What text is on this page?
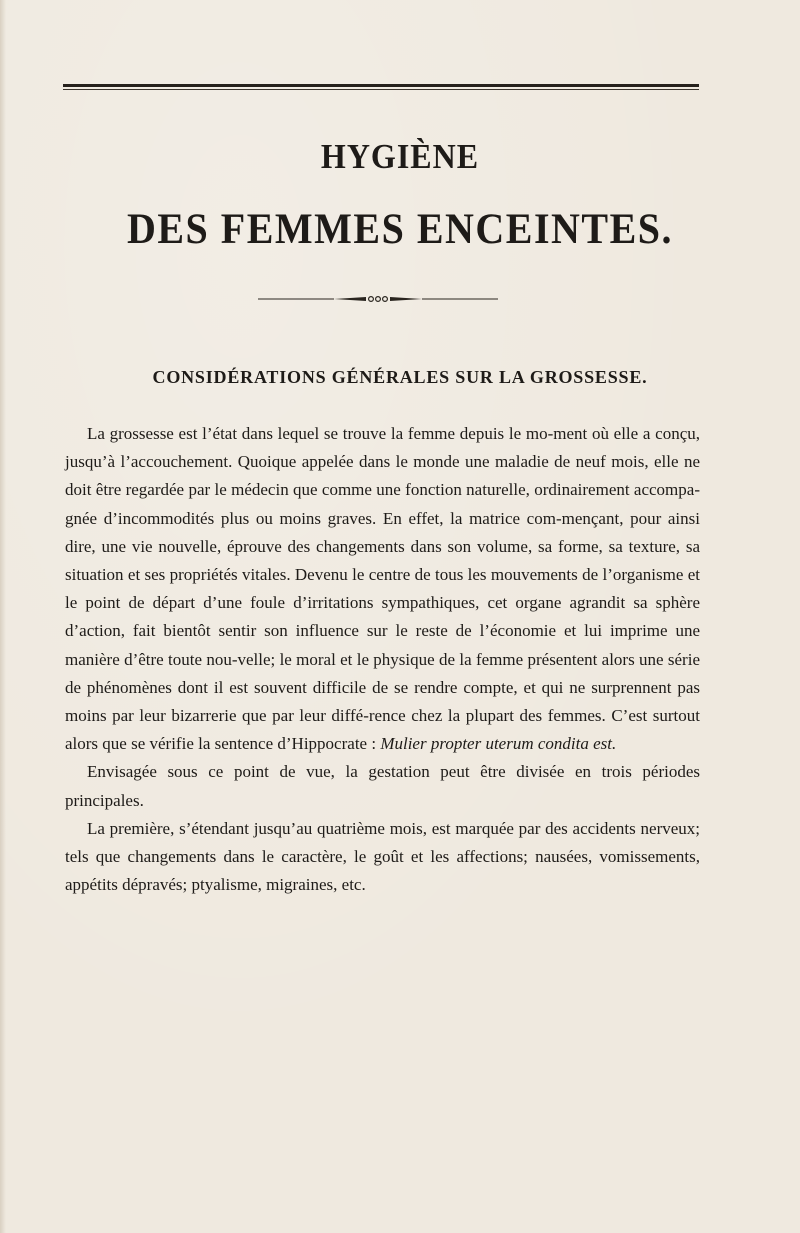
HYGIÈNE
DES FEMMES ENCEINTES.
CONSIDÉRATIONS GÉNÉRALES SUR LA GROSSESSE.

La grossesse est l’état dans lequel se trouve la femme depuis le mo-ment où elle a conçu, jusqu’à l’accouchement. Quoique appelée dans le monde une maladie de neuf mois, elle ne doit être regardée par le médecin que comme une fonction naturelle, ordinairement accompa-gnée d’incommodités plus ou moins graves. En effet, la matrice com-mençant, pour ainsi dire, une vie nouvelle, éprouve des changements dans son volume, sa forme, sa texture, sa situation et ses propriétés vitales. Devenu le centre de tous les mouvements de l’organisme et le point de départ d’une foule d’irritations sympathiques, cet organe agrandit sa sphère d’action, fait bientôt sentir son influence sur le reste de l’économie et lui imprime une manière d’être toute nou-velle; le moral et le physique de la femme présentent alors une série de phénomènes dont il est souvent difficile de se rendre compte, et qui ne surprennent pas moins par leur bizarrerie que par leur diffé-rence chez la plupart des femmes. C’est surtout alors que se vérifie la sentence d’Hippocrate : Mulier propter uterum condita est.

Envisagée sous ce point de vue, la gestation peut être divisée en trois périodes principales.

La première, s’étendant jusqu’au quatrième mois, est marquée par des accidents nerveux; tels que changements dans le caractère, le goût et les affections; nausées, vomissements, appétits dépravés; ptyalisme, migraines, etc.
